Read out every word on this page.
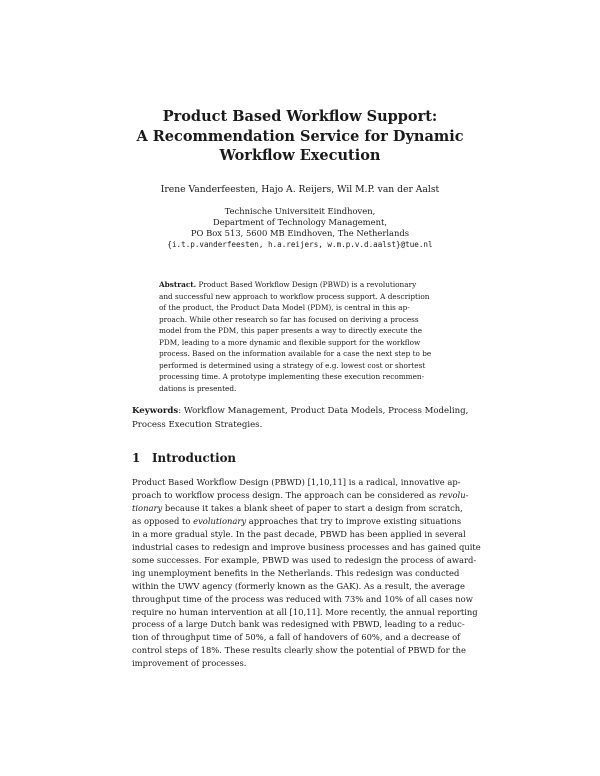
Product Based Workflow Support:
A Recommendation Service for Dynamic
Workflow Execution
Irene Vanderfeesten, Hajo A. Reijers, Wil M.P. van der Aalst
Technische Universiteit Eindhoven,
Department of Technology Management,
PO Box 513, 5600 MB Eindhoven, The Netherlands
{i.t.p.vanderfeesten, h.a.reijers, w.m.p.v.d.aalst}@tue.nl
Abstract. Product Based Workflow Design (PBWD) is a revolutionary
and successful new approach to workflow process support. A description
of the product, the Product Data Model (PDM), is central in this ap-
proach. While other research so far has focused on deriving a process
model from the PDM, this paper presents a way to directly execute the
PDM, leading to a more dynamic and flexible support for the workflow
process. Based on the information available for a case the next step to be
performed is determined using a strategy of e.g. lowest cost or shortest
processing time. A prototype implementing these execution recommen-
dations is presented.
Keywords: Workflow Management, Product Data Models, Process Modeling,
Process Execution Strategies.
1 Introduction
Product Based Workflow Design (PBWD) [1,10,11] is a radical, innovative ap-
proach to workflow process design. The approach can be considered as revolu-
tionary because it takes a blank sheet of paper to start a design from scratch,
as opposed to evolutionary approaches that try to improve existing situations
in a more gradual style. In the past decade, PBWD has been applied in several
industrial cases to redesign and improve business processes and has gained quite
some successes. For example, PBWD was used to redesign the process of award-
ing unemployment benefits in the Netherlands. This redesign was conducted
within the UWV agency (formerly known as the GAK). As a result, the average
throughput time of the process was reduced with 73% and 10% of all cases now
require no human intervention at all [10,11]. More recently, the annual reporting
process of a large Dutch bank was redesigned with PBWD, leading to a reduc-
tion of throughput time of 50%, a fall of handovers of 60%, and a decrease of
control steps of 18%. These results clearly show the potential of PBWD for the
improvement of processes.
